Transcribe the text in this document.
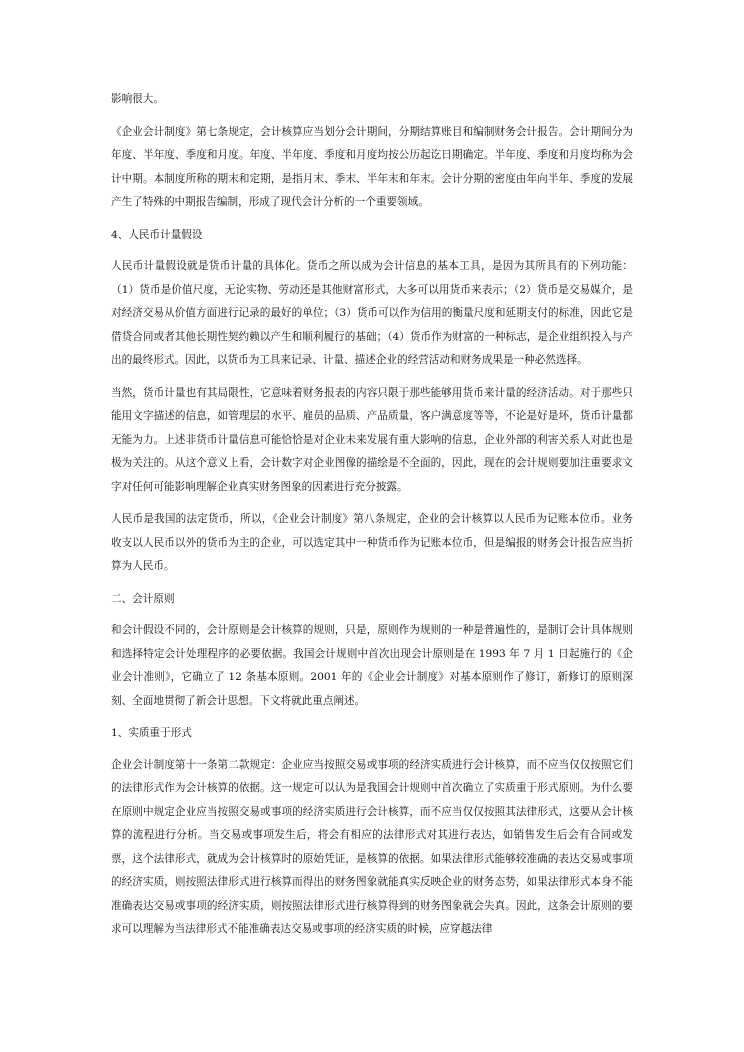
影响很大。

《企业会计制度》第七条规定，会计核算应当划分会计期间，分期结算账目和编制财务会计报告。会计期间分为年度、半年度、季度和月度。年度、半年度、季度和月度均按公历起讫日期确定。半年度、季度和月度均称为会计中期。本制度所称的期末和定期，是指月末、季末、半年末和年末。会计分期的密度由年向半年、季度的发展产生了特殊的中期报告编制，形成了现代会计分析的一个重要领域。

4、人民币计量假设

人民币计量假设就是货币计量的具体化。货币之所以成为会计信息的基本工具，是因为其所具有的下列功能：（1）货币是价值尺度，无论实物、劳动还是其他财富形式，大多可以用货币来表示；（2）货币是交易媒介，是对经济交易从价值方面进行记录的最好的单位；（3）货币可以作为信用的衡量尺度和延期支付的标准，因此它是借贷合同或者其他长期性契约赖以产生和顺利履行的基础；（4）货币作为财富的一种标志，是企业组织投入与产出的最终形式。因此，以货币为工具来记录、计量、描述企业的经营活动和财务成果是一种必然选择。

当然，货币计量也有其局限性，它意味着财务报表的内容只限于那些能够用货币来计量的经济活动。对于那些只能用文字描述的信息，如管理层的水平、雇员的品质、产品质量，客户满意度等等，不论是好是坏，货币计量都无能为力。上述非货币计量信息可能恰恰是对企业未来发展有重大影响的信息，企业外部的利害关系人对此也是极为关注的。从这个意义上看，会计数字对企业图像的描绘是不全面的，因此，现在的会计规则要加注重要求文字对任何可能影响理解企业真实财务图象的因素进行充分披露。

人民币是我国的法定货币，所以，《企业会计制度》第八条规定，企业的会计核算以人民币为记账本位币。业务收支以人民币以外的货币为主的企业，可以选定其中一种货币作为记账本位币，但是编报的财务会计报告应当折算为人民币。

二、会计原则

和会计假设不同的，会计原则是会计核算的规则，只是，原则作为规则的一种是普遍性的，是制订会计具体规则和选择特定会计处理程序的必要依据。我国会计规则中首次出现会计原则是在 1993 年 7 月 1 日起施行的《企业会计准则》，它确立了 12 条基本原则。2001 年的《企业会计制度》对基本原则作了修订，新修订的原则深刻、全面地贯彻了新会计思想。下文将就此重点阐述。

1、实质重于形式

企业会计制度第十一条第二款规定：企业应当按照交易或事项的经济实质进行会计核算，而不应当仅仅按照它们的法律形式作为会计核算的依据。这一规定可以认为是我国会计规则中首次确立了实质重于形式原则。为什么要在原则中规定企业应当按照交易或事项的经济实质进行会计核算，而不应当仅仅按照其法律形式，这要从会计核算的流程进行分析。当交易或事项发生后，将会有相应的法律形式对其进行表达，如销售发生后会有合同或发票，这个法律形式，就成为会计核算时的原始凭证，是核算的依据。如果法律形式能够较准确的表达交易或事项的经济实质，则按照法律形式进行核算而得出的财务图象就能真实反映企业的财务态势，如果法律形式本身不能准确表达交易或事项的经济实质，则按照法律形式进行核算得到的财务图象就会失真。因此，这条会计原则的要求可以理解为当法律形式不能准确表达交易或事项的经济实质的时候，应穿越法律
